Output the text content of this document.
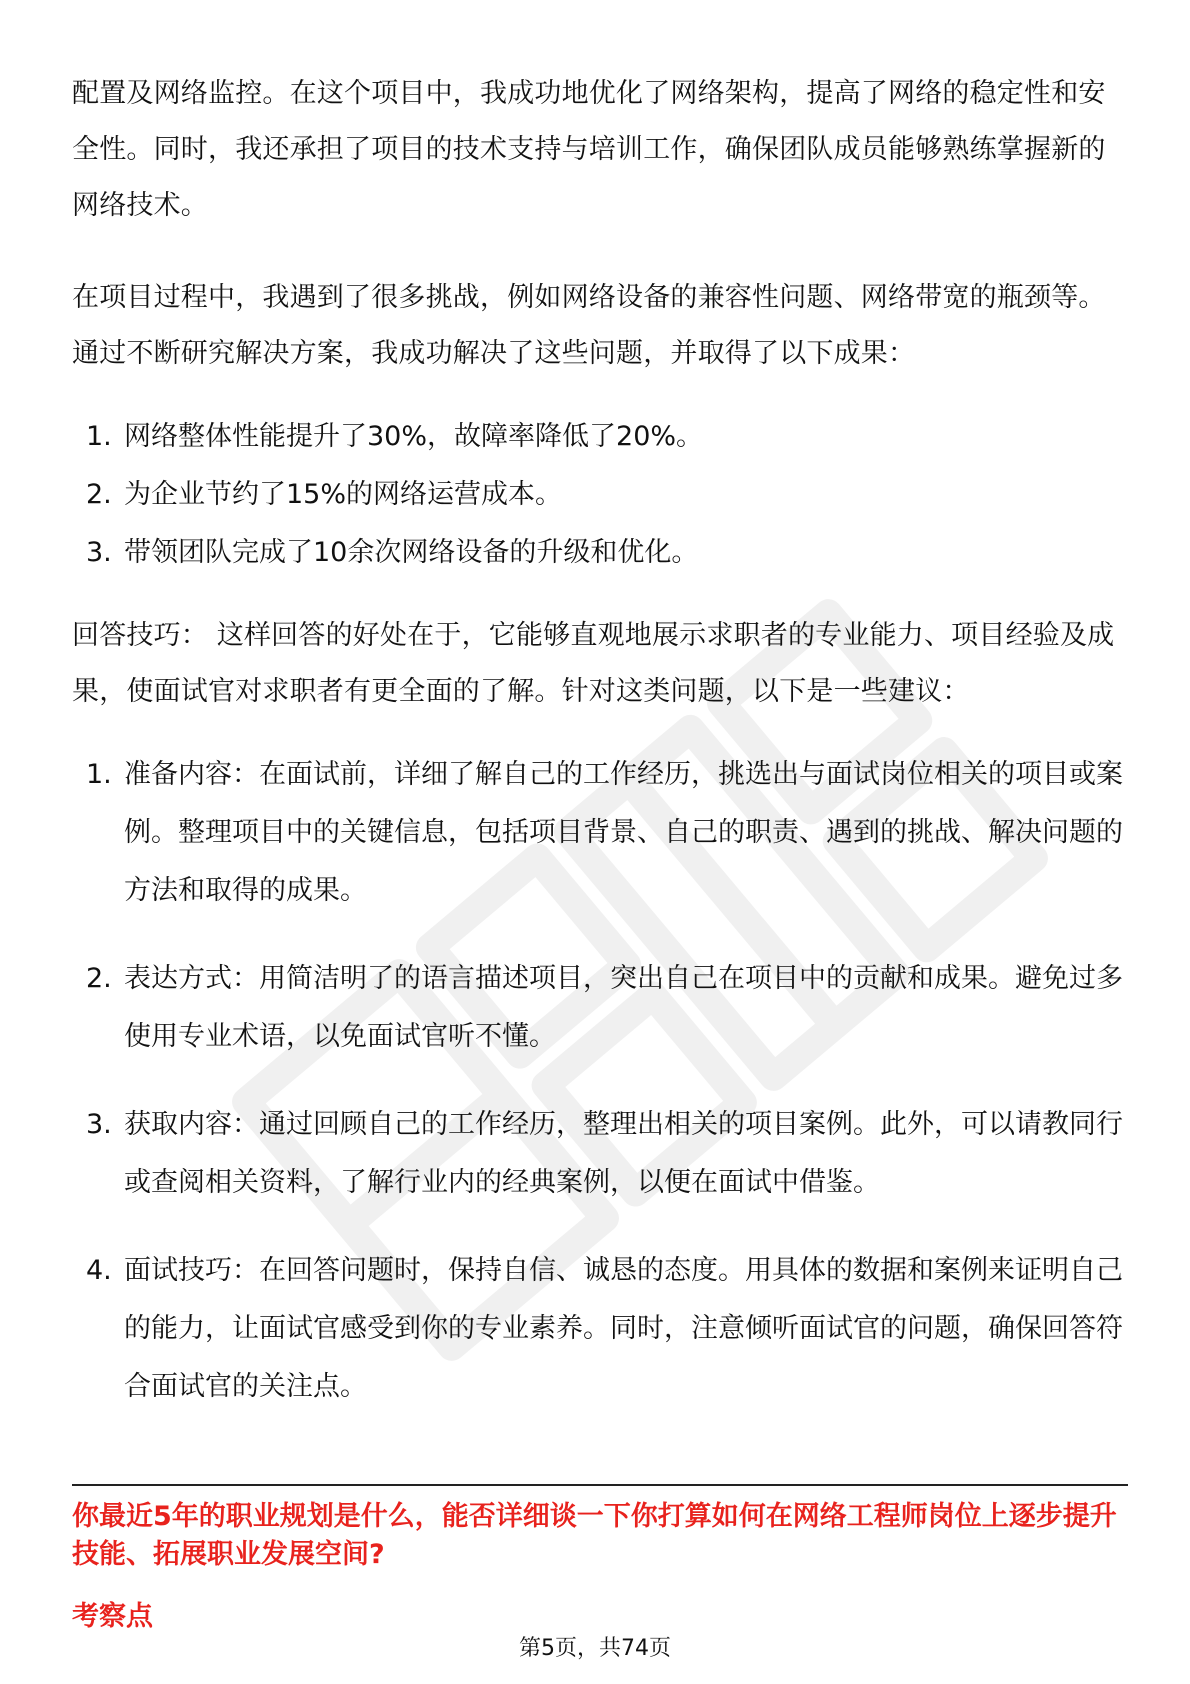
配置及网络监控。在这个项目中，我成功地优化了网络架构，提高了网络的稳定性和安全性。同时，我还承担了项目的技术支持与培训工作，确保团队成员能够熟练掌握新的网络技术。

在项目过程中，我遇到了很多挑战，例如网络设备的兼容性问题、网络带宽的瓶颈等。通过不断研究解决方案，我成功解决了这些问题，并取得了以下成果：

1. 网络整体性能提升了30%，故障率降低了20%。
2. 为企业节约了15%的网络运营成本。
3. 带领团队完成了10余次网络设备的升级和优化。

回答技巧： 这样回答的好处在于，它能够直观地展示求职者的专业能力、项目经验及成果，使面试官对求职者有更全面的了解。针对这类问题，以下是一些建议：

1. 准备内容：在面试前，详细了解自己的工作经历，挑选出与面试岗位相关的项目或案例。整理项目中的关键信息，包括项目背景、自己的职责、遇到的挑战、解决问题的方法和取得的成果。
2. 表达方式：用简洁明了的语言描述项目，突出自己在项目中的贡献和成果。避免过多使用专业术语，以免面试官听不懂。
3. 获取内容：通过回顾自己的工作经历，整理出相关的项目案例。此外，可以请教同行或查阅相关资料，了解行业内的经典案例，以便在面试中借鉴。
4. 面试技巧：在回答问题时，保持自信、诚恳的态度。用具体的数据和案例来证明自己的能力，让面试官感受到你的专业素养。同时，注意倾听面试官的问题，确保回答符合面试官的关注点。
你最近5年的职业规划是什么，能否详细谈一下你打算如何在网络工程师岗位上逐步提升技能、拓展职业发展空间?
考察点
第5页，共74页
